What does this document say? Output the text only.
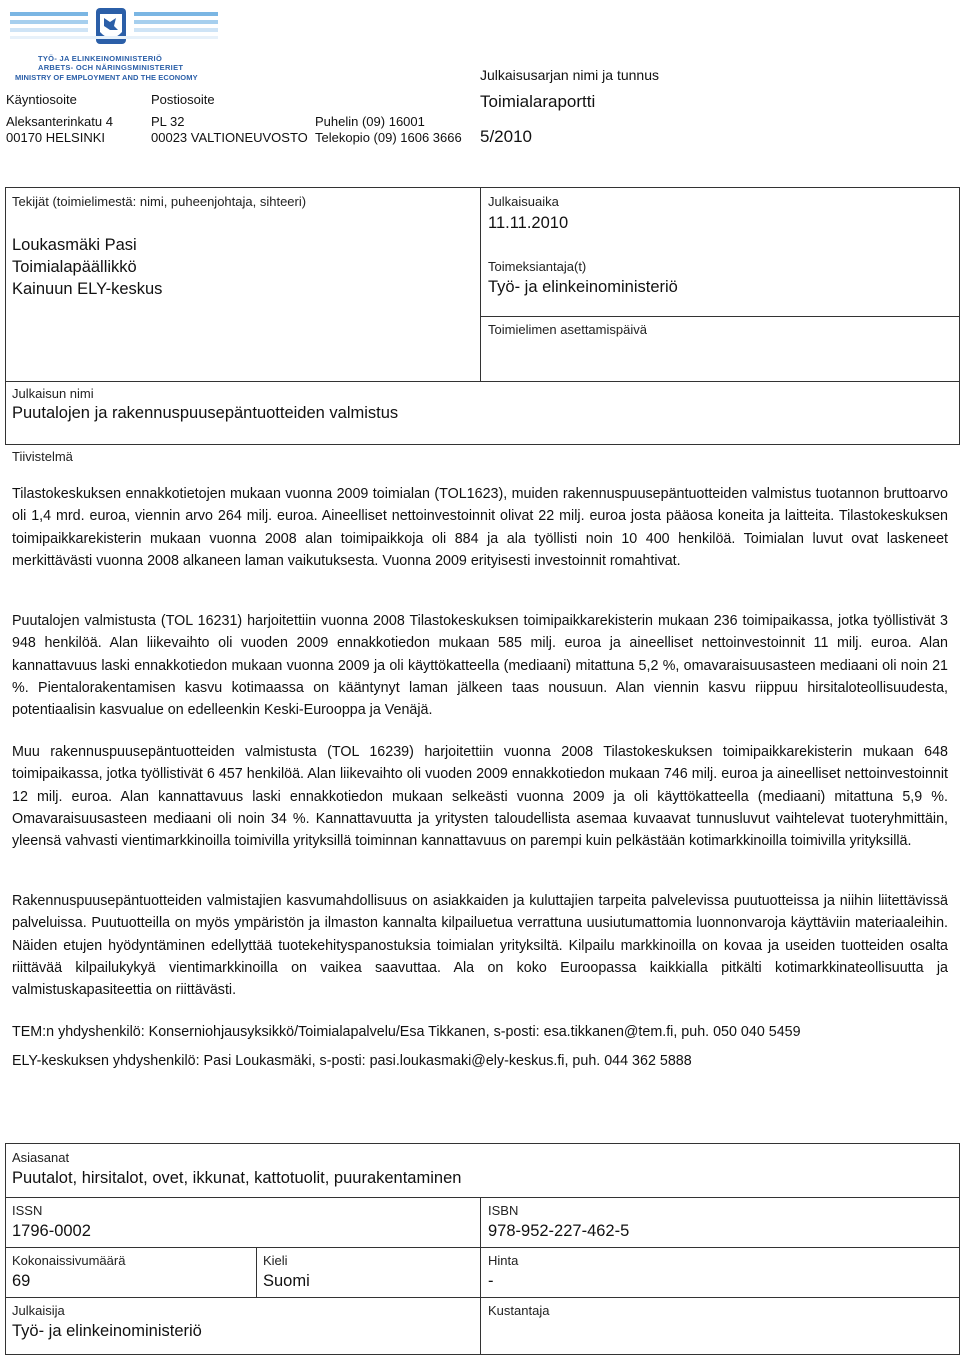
TYÖ- JA ELINKEINOMINISTERIÖ
ARBETS- OCH NÄRINGSMINISTERIET
MINISTRY OF EMPLOYMENT AND THE ECONOMY
Käyntiosoite	Postiosoite
Aleksanterinkatu 4
00170 HELSINKI
PL 32
00023 VALTIONEUVOSTO
Puhelin (09) 16001
Telekopio (09) 1606 3666
Julkaisusarjan nimi ja tunnus
Toimialaraportti
5/2010
Tekijät (toimielimestä: nimi, puheenjohtaja, sihteeri)
Loukasmäki Pasi
Toimialapäällikkö
Kainuun ELY-keskus
Julkaisuaika
11.11.2010
Toimeksiantaja(t)
Työ- ja elinkeinoministeriö
Toimielimen asettamispäivä
Julkaisun nimi
Puutalojen ja rakennuspuusepäntuotteiden valmistus
Tiivistelmä

Tilastokeskuksen ennakkotietojen mukaan vuonna 2009 toimialan (TOL1623), muiden rakennuspuusepäntuotteiden valmistus tuotannon bruttoarvo oli 1,4 mrd. euroa, viennin arvo 264 milj. euroa. Aineelliset nettoinvestoinnit olivat 22 milj. euroa josta pääosa koneita ja laitteita. Tilastokeskuksen toimipaikkarekisterin mukaan vuonna 2008 alan toimipaikkoja oli 884 ja ala työllisti noin 10 400 henkilöä. Toimialan luvut ovat laskeneet merkittävästi vuonna 2008 alkaneen laman vaikutuksesta. Vuonna 2009 erityisesti investoinnit romahtivat.

Puutalojen valmistusta (TOL 16231) harjoitettiin vuonna 2008 Tilastokeskuksen toimipaikkarekisterin mukaan 236 toimipaikassa, jotka työllistivät 3 948 henkilöä. Alan liikevaihto oli vuoden 2009 ennakkotiedon mukaan 585 milj. euroa ja aineelliset nettoinvestoinnit 11 milj. euroa. Alan kannattavuus laski ennakkotiedon mukaan vuonna 2009 ja oli käyttökatteella (mediaani) mitattuna 5,2 %, omavaraisuusasteen mediaani oli noin 21 %. Pientalorakentamisen kasvu kotimaassa on kääntynyt laman jälkeen taas nousuun. Alan viennin kasvu riippuu hirsitaloteollisuudesta, potentiaalisin kasvualue on edelleenkin Keski-Eurooppa ja Venäjä.

Muu rakennuspuusepäntuotteiden valmistusta (TOL 16239) harjoitettiin vuonna 2008 Tilastokeskuksen toimipaikkarekisterin mukaan 648 toimipaikassa, jotka työllistivät 6 457 henkilöä. Alan liikevaihto oli vuoden 2009 ennakkotiedon mukaan 746 milj. euroa ja aineelliset nettoinvestoinnit 12 milj. euroa. Alan kannattavuus laski ennakkotiedon mukaan selkeästi vuonna 2009 ja oli käyttökatteella (mediaani) mitattuna 5,9 %. Omavaraisuusasteen mediaani oli noin 34 %. Kannattavuutta ja yritysten taloudellista asemaa kuvaavat tunnusluvut vaihtelevat tuoteryhmittäin, yleensä vahvasti vientimarkkinoilla toimivilla yrityksillä toiminnan kannattavuus on parempi kuin pelkästään kotimarkkinoilla toimivilla yrityksillä.

Rakennuspuusepäntuotteiden valmistajien kasvumahdollisuus on asiakkaiden ja kuluttajien tarpeita palvelevissa puutuotteissa ja niihin liitettävissä palveluissa. Puutuotteilla on myös ympäristön ja ilmaston kannalta kilpailuetua verrattuna uusiutumattomia luonnonvaroja käyttäviin materiaaleihin. Näiden etujen hyödyntäminen edellyttää tuotekehityspanostuksia toimialan yrityksiltä. Kilpailu markkinoilla on kovaa ja useiden tuotteiden osalta riittävää kilpailukykyä vientimarkkinoilla on vaikea saavuttaa. Ala on koko Euroopassa kaikkialla pitkälti kotimarkkinateollisuutta ja valmistuskapasiteettia on riittävästi.

TEM:n yhdyshenkilö: Konserniohjausyksikkö/Toimialapalvelu/Esa Tikkanen, s-posti: esa.tikkanen@tem.fi, puh. 050 040 5459
ELY-keskuksen yhdyshenkilö: Pasi Loukasmäki, s-posti: pasi.loukasmaki@ely-keskus.fi, puh. 044 362 5888
Asiasanat
Puutalot, hirsitalot, ovet, ikkunat, kattotuolit, puurakentaminen
ISSN
1796-0002
ISBN
978-952-227-462-5
Kokonaissivumäärä
69
Kieli
Suomi
Hinta
-
Julkaisija
Työ- ja elinkeinoministeriö
Kustantaja
